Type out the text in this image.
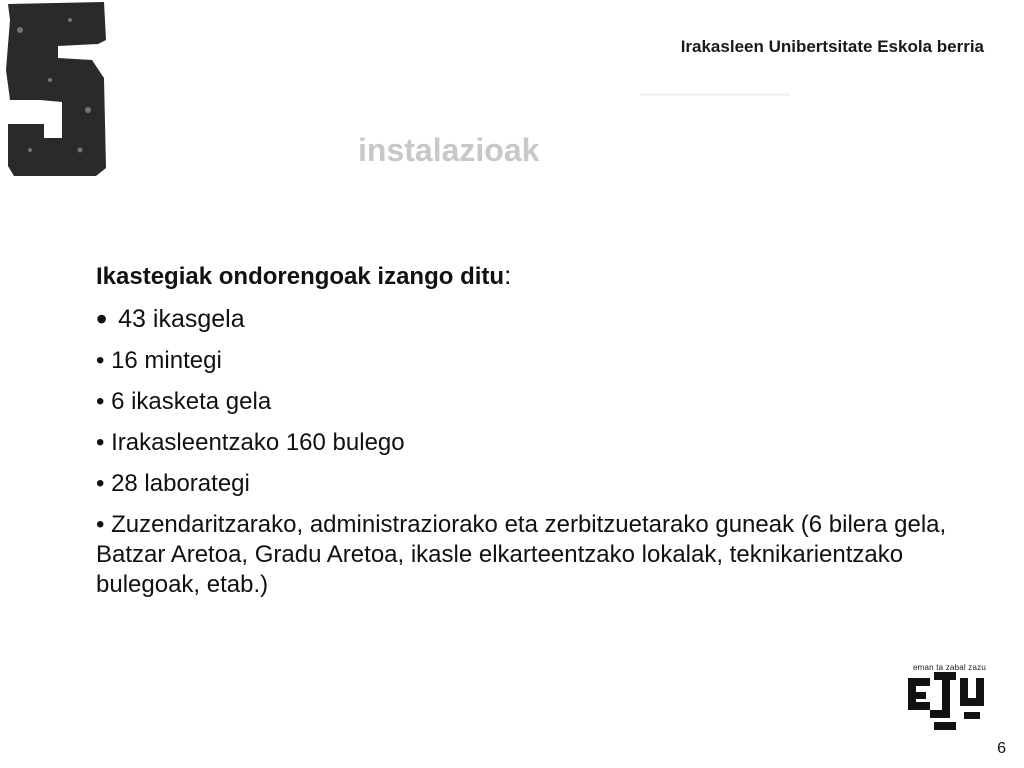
Irakasleen Unibertsitate Eskola berria
instalazioak
Ikastegiak ondorengoak izango ditu:
• 43 ikasgela
• 16 mintegi
• 6 ikasketa gela
• Irakasleentzako 160 bulego
• 28 laborategi
• Zuzendaritzarako, administraziorako eta zerbitzuetarako guneak (6 bilera gela, Batzar Aretoa, Gradu Aretoa, ikasle elkarteentzako lokalak, teknikarientzako bulegoak, etab.)
eman ta zabal zazu
6
